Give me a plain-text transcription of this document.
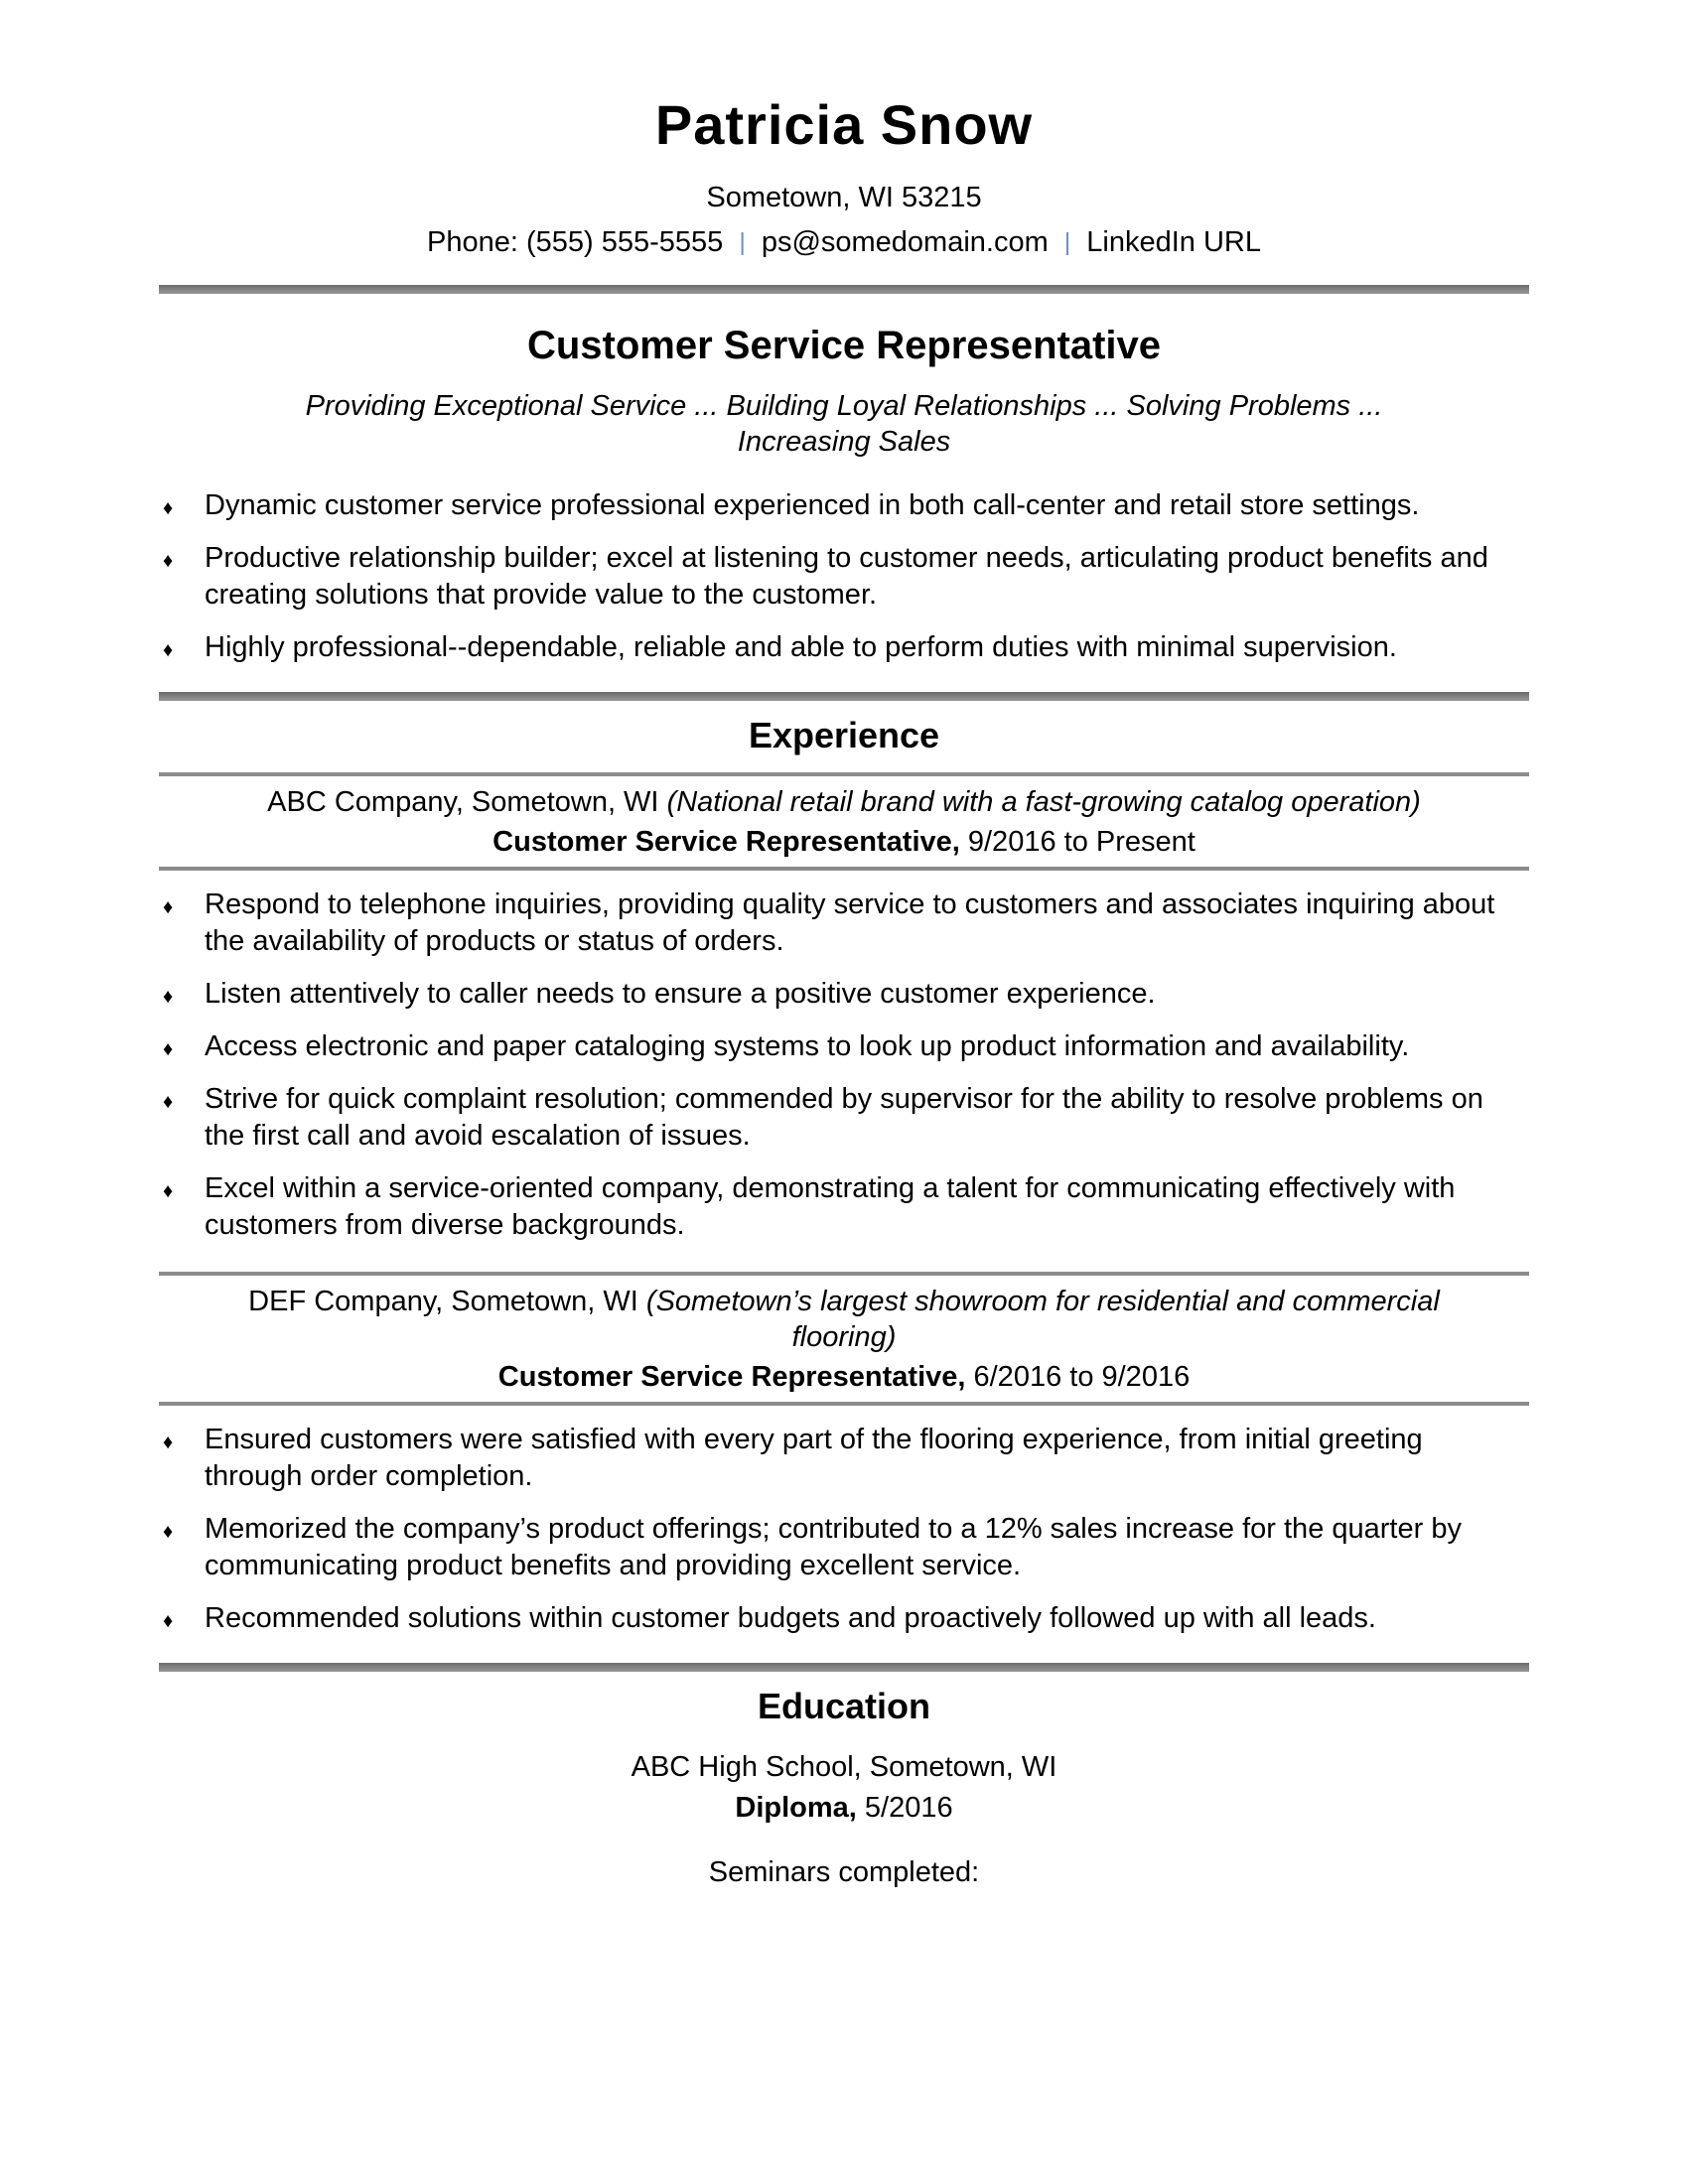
Patricia Snow

Sometown, WI 53215

Phone: (555) 555-5555 | ps@somedomain.com | LinkedIn URL

Customer Service Representative

Providing Exceptional Service ... Building Loyal Relationships ... Solving Problems ...
Increasing Sales

♦ Dynamic customer service professional experienced in both call-center and retail store settings.
♦ Productive relationship builder; excel at listening to customer needs, articulating product benefits and creating solutions that provide value to the customer.
♦ Highly professional--dependable, reliable and able to perform duties with minimal supervision.
Experience

ABC Company, Sometown, WI (National retail brand with a fast-growing catalog operation)

Customer Service Representative, 9/2016 to Present

♦ Respond to telephone inquiries, providing quality service to customers and associates inquiring about the availability of products or status of orders.
♦ Listen attentively to caller needs to ensure a positive customer experience.
♦ Access electronic and paper cataloging systems to look up product information and availability.
♦ Strive for quick complaint resolution; commended by supervisor for the ability to resolve problems on the first call and avoid escalation of issues.
♦ Excel within a service-oriented company, demonstrating a talent for communicating effectively with customers from diverse backgrounds.

DEF Company, Sometown, WI (Sometown’s largest showroom for residential and commercial flooring)

Customer Service Representative, 6/2016 to 9/2016

♦ Ensured customers were satisfied with every part of the flooring experience, from initial greeting through order completion.
♦ Memorized the company’s product offerings; contributed to a 12% sales increase for the quarter by communicating product benefits and providing excellent service.
♦ Recommended solutions within customer budgets and proactively followed up with all leads.
Education

ABC High School, Sometown, WI

Diploma, 5/2016

Seminars completed:
